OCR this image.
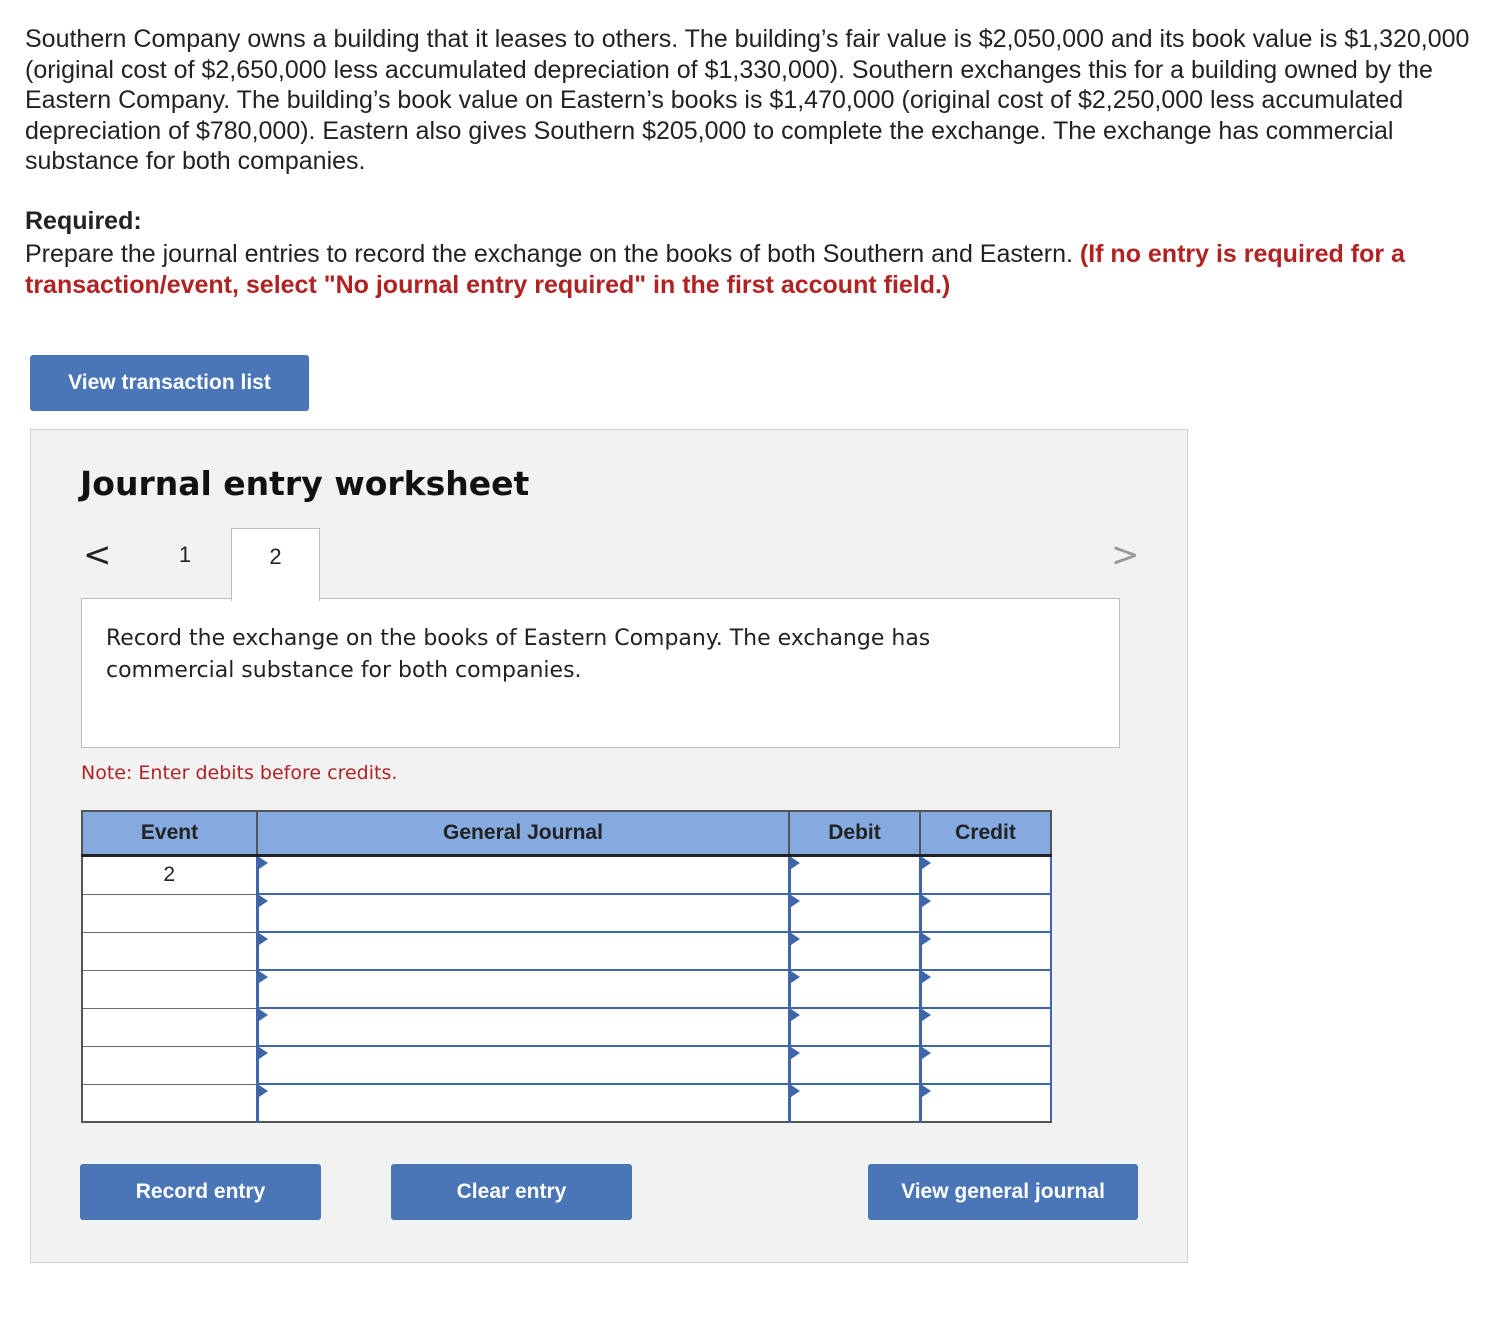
Southern Company owns a building that it leases to others. The building’s fair value is $2,050,000 and its book value is $1,320,000 (original cost of $2,650,000 less accumulated depreciation of $1,330,000). Southern exchanges this for a building owned by the Eastern Company. The building’s book value on Eastern’s books is $1,470,000 (original cost of $2,250,000 less accumulated depreciation of $780,000). Eastern also gives Southern $205,000 to complete the exchange. The exchange has commercial substance for both companies.

Required:

Prepare the journal entries to record the exchange on the books of both Southern and Eastern. (If no entry is required for a transaction/event, select "No journal entry required" in the first account field.)

View transaction list
Journal entry worksheet
<	1	2	>

Record the exchange on the books of Eastern Company. The exchange has commercial substance for both companies.

Note: Enter debits before credits.

Event	General Journal	Debit	Credit
2			

Record entry	Clear entry	View general journal
